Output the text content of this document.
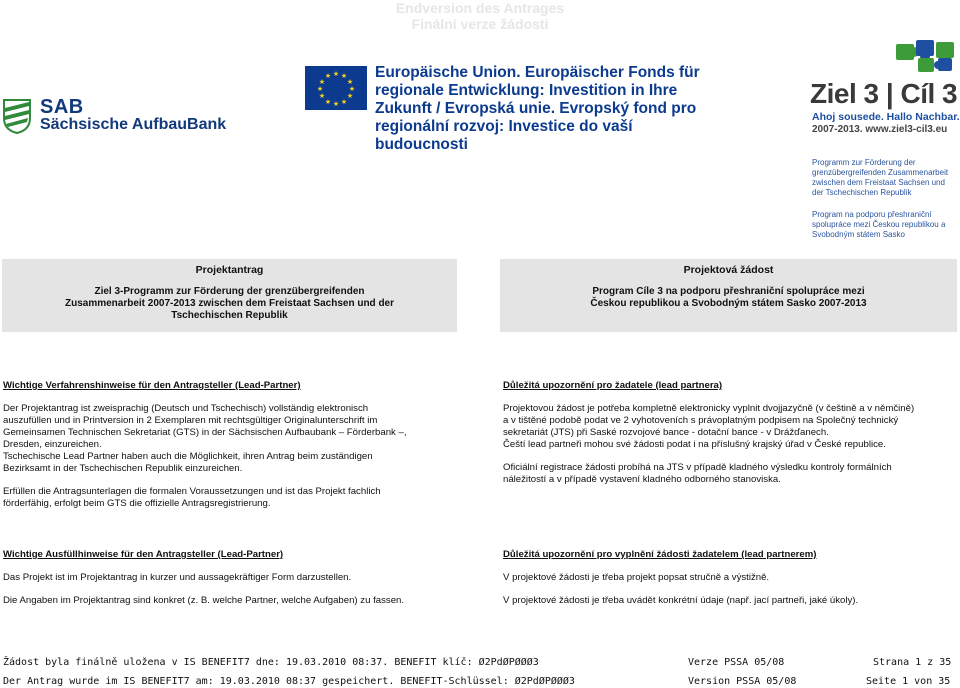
Endversion des Antrages
Finální verze žádosti
SAB
Sächsische AufbauBank
★ ★
★
★
★
★
★
★
★
★
★
★	Europäische Union. Europäischer Fonds für
regionale Entwicklung: Investition in Ihre
Zukunft / Evropská unie. Evropský fond pro
regionální rozvoj: Investice do vaší budoucnosti
Ziel 3 | Cíl 3
Ahoj sousede. Hallo Nachbar.
2007-2013. www.ziel3-cil3.eu
Programm zur Förderung der
grenzübergreifenden Zusammenarbeit
zwischen dem Freistaat Sachsen und
der Tschechischen Republik
Program na podporu přeshraniční
spolupráce mezi Českou republikou a
Svobodným státem Sasko
Projektantrag
Ziel 3-Programm zur Förderung der grenzübergreifenden
Zusammenarbeit 2007-2013 zwischen dem Freistaat Sachsen und der
Tschechischen Republik
Projektová žádost
Program Cíle 3 na podporu přeshraniční spolupráce mezi
Českou republikou a Svobodným státem Sasko 2007-2013
Wichtige Verfahrenshinweise für den Antragsteller (Lead-Partner)
Der Projektantrag ist zweisprachig (Deutsch und Tschechisch) vollständig elektronisch
auszufüllen und in Printversion in 2 Exemplaren mit rechtsgültiger Originalunterschrift im
Gemeinsamen Technischen Sekretariat (GTS) in der Sächsischen Aufbaubank – Förderbank –,
Dresden, einzureichen.
Tschechische Lead Partner haben auch die Möglichkeit, ihren Antrag beim zuständigen
Bezirksamt in der Tschechischen Republik einzureichen.
Erfüllen die Antragsunterlagen die formalen Voraussetzungen und ist das Projekt fachlich
förderfähig, erfolgt beim GTS die offizielle Antragsregistrierung.
Důležitá upozornění pro žadatele (lead partnera)
Projektovou žádost je potřeba kompletně elektronicky vyplnit dvojjazyčně (v češtině a v němčině)
a v tištěné podobě podat ve 2 vyhotoveních s právoplatným podpisem na Společný technický
sekretariát (JTS) při Saské rozvojové bance - dotační bance - v Drážďanech.
Čeští lead partneři mohou své žádosti podat i na příslušný krajský úřad v České republice.
Oficiální registrace žádosti probíhá na JTS v případě kladného výsledku kontroly formálních
náležitostí a v případě vystavení kladného odborného stanoviska.
Wichtige Ausfüllhinweise für den Antragsteller (Lead-Partner)
Das Projekt ist im Projektantrag in kurzer und aussagekräftiger Form darzustellen.
Die Angaben im Projektantrag sind konkret (z. B. welche Partner, welche Aufgaben) zu fassen.
Důležitá upozornění pro vyplnění žádosti žadatelem (lead partnerem)
V projektové žádosti je třeba projekt popsat stručně a výstižně.
V projektové žádosti je třeba uvádět konkrétní údaje (např. jací partneři, jaké úkoly).
Žádost byla finálně uložena v IS BENEFIT7 dne: 19.03.2010 08:37. BENEFIT klíč: Ø2PdØPØØØ3
Der Antrag wurde im IS BENEFIT7 am: 19.03.2010 08:37 gespeichert. BENEFIT-Schlüssel: Ø2PdØPØØØ3
Verze PSSA 05/08
Version PSSA 05/08
Strana 1 z 35
Seite 1 von 35
